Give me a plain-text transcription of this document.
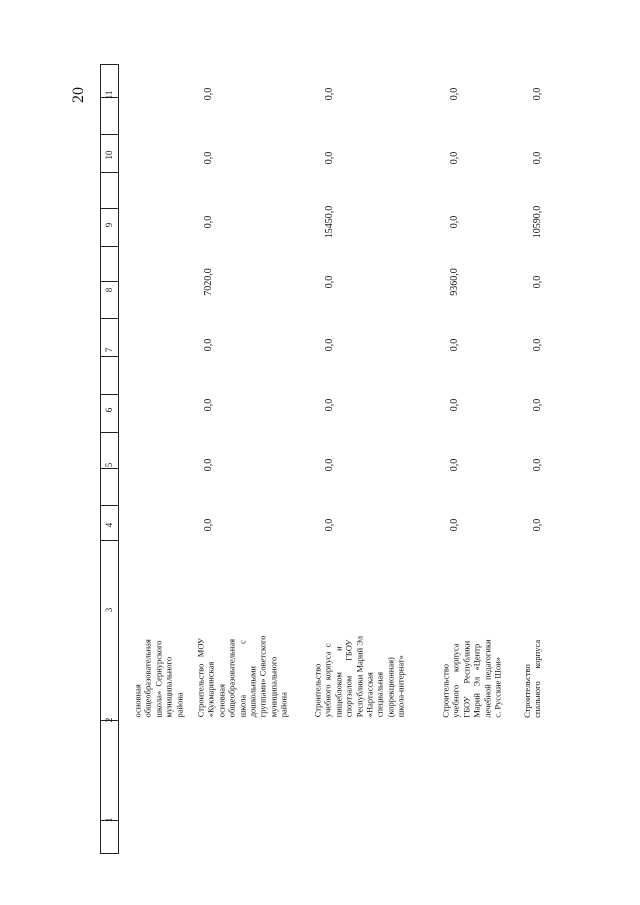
20
1
2
3
4
5
6
7
8
9
10
11
основная общеобразовательная школа»  Сернурского муниципального района Строительство   МОУ «Кукмаринская основная общеобразовательная школа                        с дошкольными группами» Советского муниципального района
0,0
0,0
0,0
0,0
7020,0
0,0
0,0
0,0
Строительство учебного  корпуса  с пищеблоком          и спортзалом       ГБОУ Республики Марий Эл «Нартасская специальная (коррекционная) школа-интернат»
0,0
0,0
0,0
0,0
0,0
15450,0
0,0
0,0
Строительство учебного      корпуса ГБОУ      Республики Марий   Эл   «Центр лечебной  педагогики с. Русские Шои»
0,0
0,0
0,0
0,0
9360,0
0,0
0,0
0,0
Строительство спального      корпуса
0,0
0,0
0,0
0,0
0,0
10590,0
0,0
0,0
